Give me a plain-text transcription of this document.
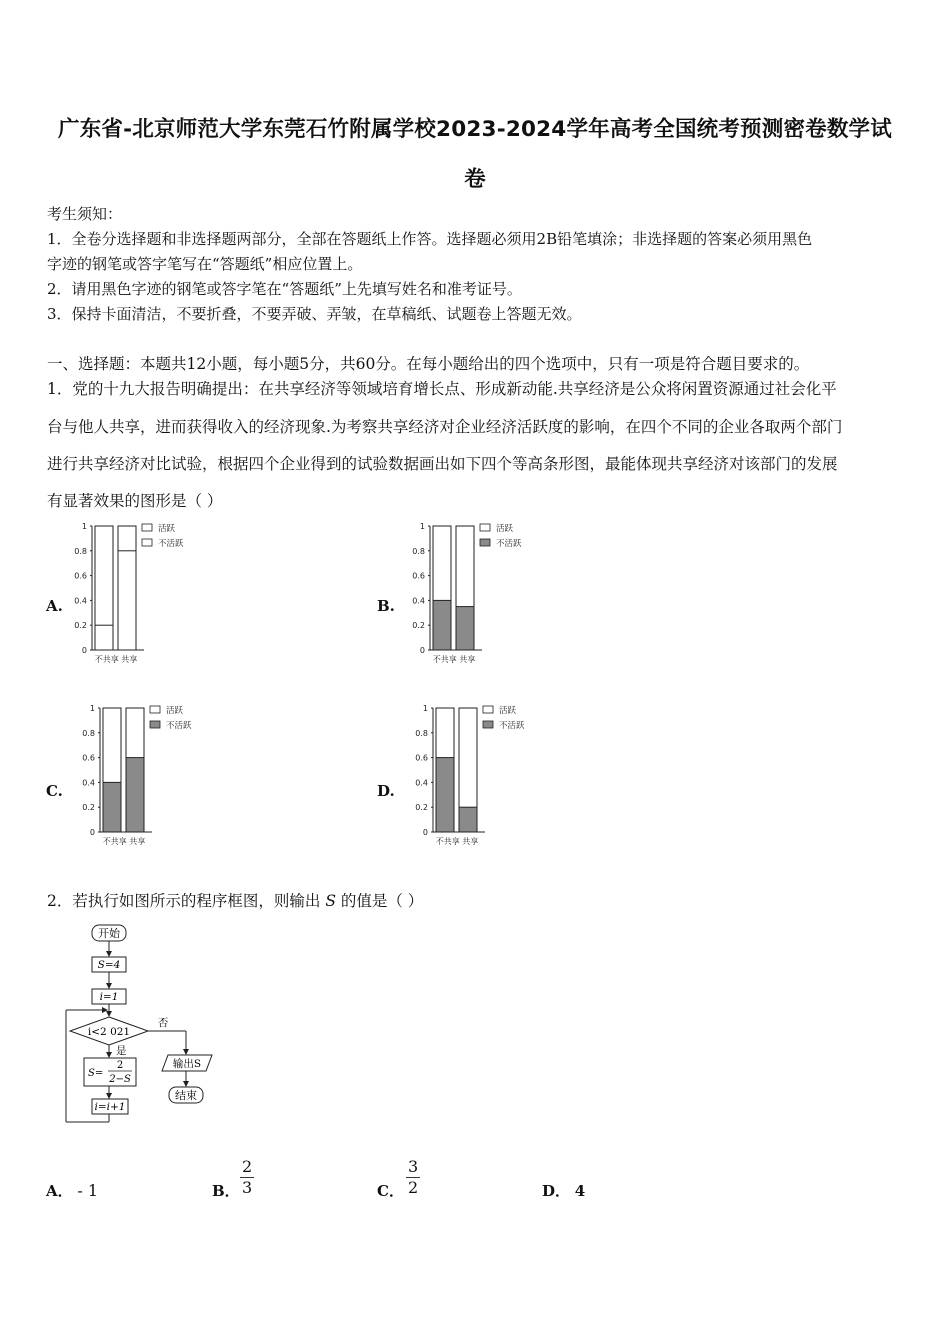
广东省-北京师范大学东莞石竹附属学校2023-2024学年高考全国统考预测密卷数学试
卷
考生须知：
1．全卷分选择题和非选择题两部分，全部在答题纸上作答。选择题必须用2B铅笔填涂；非选择题的答案必须用黑色
字迹的钢笔或答字笔写在“答题纸”相应位置上。
2．请用黑色字迹的钢笔或答字笔在“答题纸”上先填写姓名和准考证号。
3．保持卡面清洁，不要折叠，不要弄破、弄皱，在草稿纸、试题卷上答题无效。
一、选择题：本题共12小题，每小题5分，共60分。在每小题给出的四个选项中，只有一项是符合题目要求的。
1．党的十九大报告明确提出：在共享经济等领域培育增长点、形成新动能.共享经济是公众将闲置资源通过社会化平
台与他人共享，进而获得收入的经济现象.为考察共享经济对企业经济活跃度的影响，在四个不同的企业各取两个部门
进行共享经济对比试验，根据四个企业得到的试验数据画出如下四个等高条形图，最能体现共享经济对该部门的发展
有显著效果的图形是（ ）
A.	B.
C.	D.
0
0.2
0.4
0.6
0.8
1
不共享 共享
活跃
不活跃
0
0.2
0.4
0.6
0.8
1
不共享 共享
活跃
不活跃
0
0.2
0.4
0.6
0.8
1
不共享 共享
活跃
不活跃
0
0.2
0.4
0.6
0.8
1
不共享 共享
活跃
不活跃
2．若执行如图所示的程序框图，则输出 S 的值是（ ）
开始
S=4
i=1
i<2 021
否
是
S=
2
2−S
i=i+1
输出S
结束
A． - 1	B． $\frac{2}{3}$	C． $\frac{3}{2}$	D． 4
